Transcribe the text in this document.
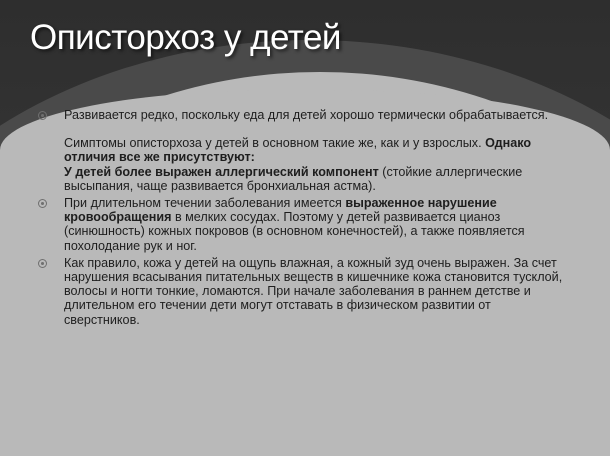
Описторхоз у детей
Развивается редко, поскольку еда для детей хорошо термически обрабатывается.
Симптомы описторхоза у детей в основном такие же, как и у взрослых. Однако отличия все же присутствуют:
У детей более выражен аллергический компонент (стойкие аллергические высыпания, чаще развивается бронхиальная астма).
При длительном течении заболевания имеется выраженное нарушение кровообращения в мелких сосудах. Поэтому у детей развивается цианоз (синюшность) кожных покровов (в основном конечностей), а также появляется похолодание рук и ног.
Как правило, кожа у детей на ощупь влажная, а кожный зуд очень выражен. За счет нарушения всасывания питательных веществ в кишечнике кожа становится тусклой, волосы и ногти тонкие, ломаются. При начале заболевания в раннем детстве и длительном его течении дети могут отставать в физическом развитии от сверстников.
